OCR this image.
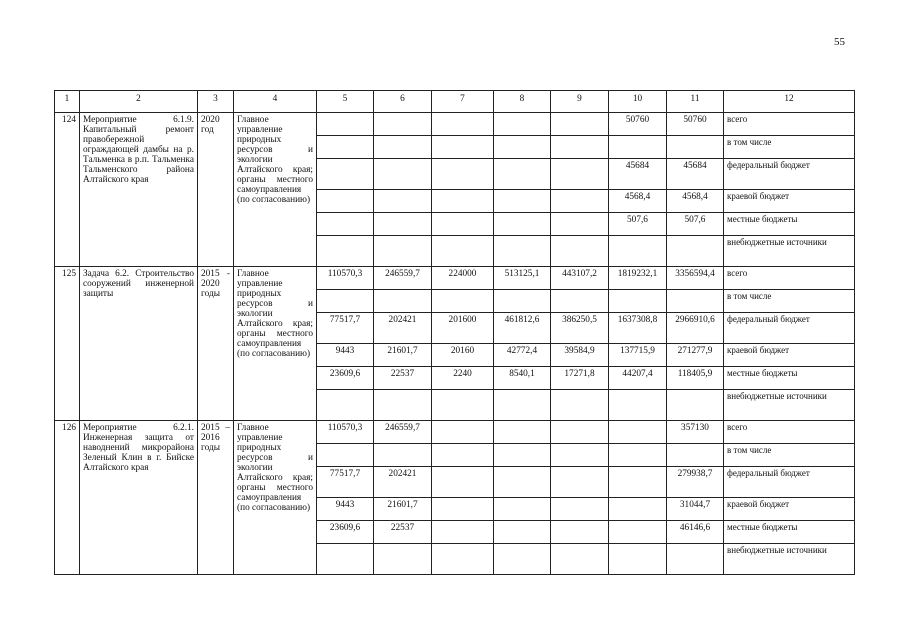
55
1	2	3	4	5	6	7	8	9	10	11	12
124	Мероприятие 6.1.9. Капитальный ремонт правобережной ограждающей дамбы на р. Тальменка в р.п. Тальменка Тальменского района Алтайского края	2020 год	Главное управление природных ресурсов и экологии Алтайского края; органы местного самоуправления (по согласованию)						50760	50760	всего
											в том числе
									45684	45684	федеральный бюджет
									4568,4	4568,4	краевой бюджет
									507,6	507,6	местные бюджеты
											внебюджетные источники
125	Задача 6.2. Строительство сооружений инженерной защиты	2015 - 2020 годы	Главное управление природных ресурсов и экологии Алтайского края; органы местного самоуправления (по согласованию)	110570,3	246559,7	224000	513125,1	443107,2	1819232,1	3356594,4	всего
											в том числе
				77517,7	202421	201600	461812,6	386250,5	1637308,8	2966910,6	федеральный бюджет
				9443	21601,7	20160	42772,4	39584,9	137715,9	271277,9	краевой бюджет
				23609,6	22537	2240	8540,1	17271,8	44207,4	118405,9	местные бюджеты
											внебюджетные источники
126	Мероприятие 6.2.1. Инженерная защита от наводнений микрорайона Зеленый Клин в г. Бийске Алтайского края	2015 – 2016 годы	Главное управление природных ресурсов и экологии Алтайского края; органы местного самоуправления (по согласованию)	110570,3	246559,7					357130	всего
											в том числе
				77517,7	202421					279938,7	федеральный бюджет
				9443	21601,7					31044,7	краевой бюджет
				23609,6	22537					46146,6	местные бюджеты
											внебюджетные источники
